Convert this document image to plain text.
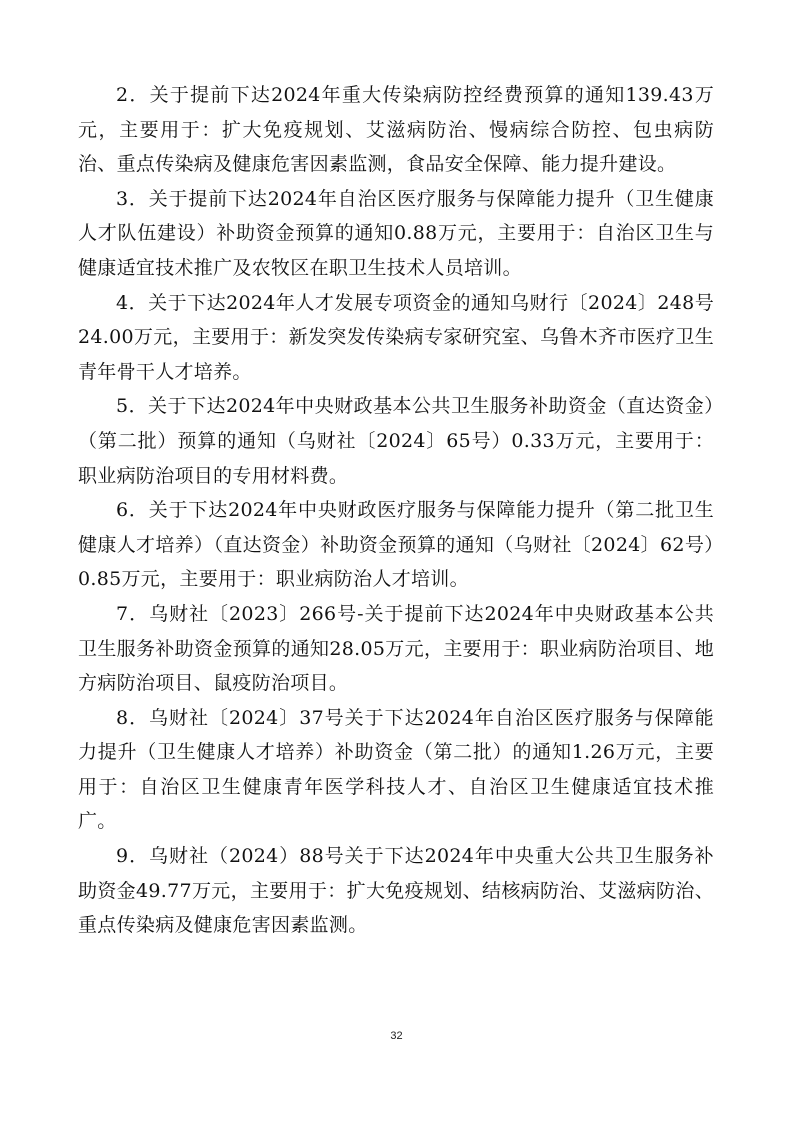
2．关于提前下达2024年重大传染病防控经费预算的通知139.43万元，主要用于：扩大免疫规划、艾滋病防治、慢病综合防控、包虫病防治、重点传染病及健康危害因素监测，食品安全保障、能力提升建设。

3．关于提前下达2024年自治区医疗服务与保障能力提升（卫生健康人才队伍建设）补助资金预算的通知0.88万元，主要用于：自治区卫生与健康适宜技术推广及农牧区在职卫生技术人员培训。

4．关于下达2024年人才发展专项资金的通知乌财行〔2024〕248号24.00万元，主要用于：新发突发传染病专家研究室、乌鲁木齐市医疗卫生青年骨干人才培养。

5．关于下达2024年中央财政基本公共卫生服务补助资金（直达资金）（第二批）预算的通知（乌财社〔2024〕65号）0.33万元，主要用于：职业病防治项目的专用材料费。

6．关于下达2024年中央财政医疗服务与保障能力提升（第二批卫生健康人才培养）（直达资金）补助资金预算的通知（乌财社〔2024〕62号）0.85万元，主要用于：职业病防治人才培训。

7．乌财社〔2023〕266号-关于提前下达2024年中央财政基本公共卫生服务补助资金预算的通知28.05万元，主要用于：职业病防治项目、地方病防治项目、鼠疫防治项目。

8．乌财社〔2024〕37号关于下达2024年自治区医疗服务与保障能力提升（卫生健康人才培养）补助资金（第二批）的通知1.26万元，主要用于：自治区卫生健康青年医学科技人才、自治区卫生健康适宜技术推广。

9．乌财社（2024）88号关于下达2024年中央重大公共卫生服务补助资金49.77万元，主要用于：扩大免疫规划、结核病防治、艾滋病防治、重点传染病及健康危害因素监测。

32
